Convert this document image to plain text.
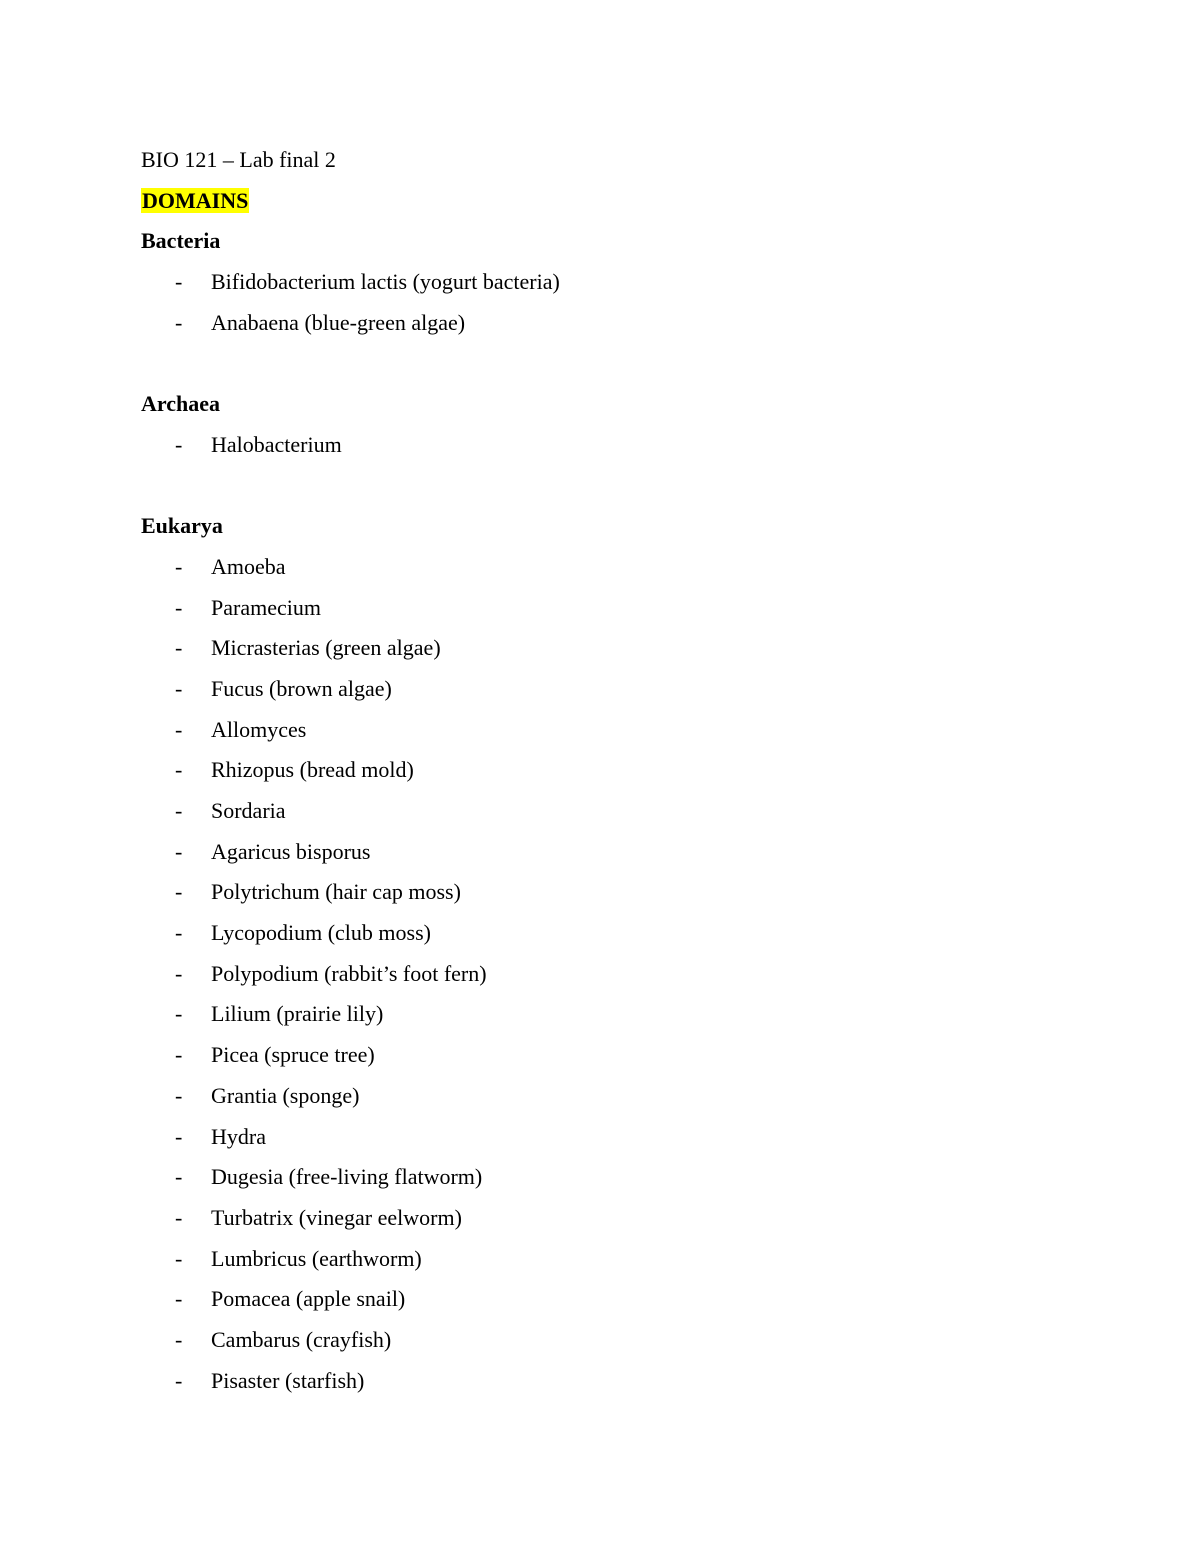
BIO 121 – Lab final 2
DOMAINS
Bacteria
- Bifidobacterium lactis (yogurt bacteria)
- Anabaena (blue-green algae)
Archaea
- Halobacterium
Eukarya
- Amoeba
- Paramecium
- Micrasterias (green algae)
- Fucus (brown algae)
- Allomyces
- Rhizopus (bread mold)
- Sordaria
- Agaricus bisporus
- Polytrichum (hair cap moss)
- Lycopodium (club moss)
- Polypodium (rabbit’s foot fern)
- Lilium (prairie lily)
- Picea (spruce tree)
- Grantia (sponge)
- Hydra
- Dugesia (free-living flatworm)
- Turbatrix (vinegar eelworm)
- Lumbricus (earthworm)
- Pomacea (apple snail)
- Cambarus (crayfish)
- Pisaster (starfish)
